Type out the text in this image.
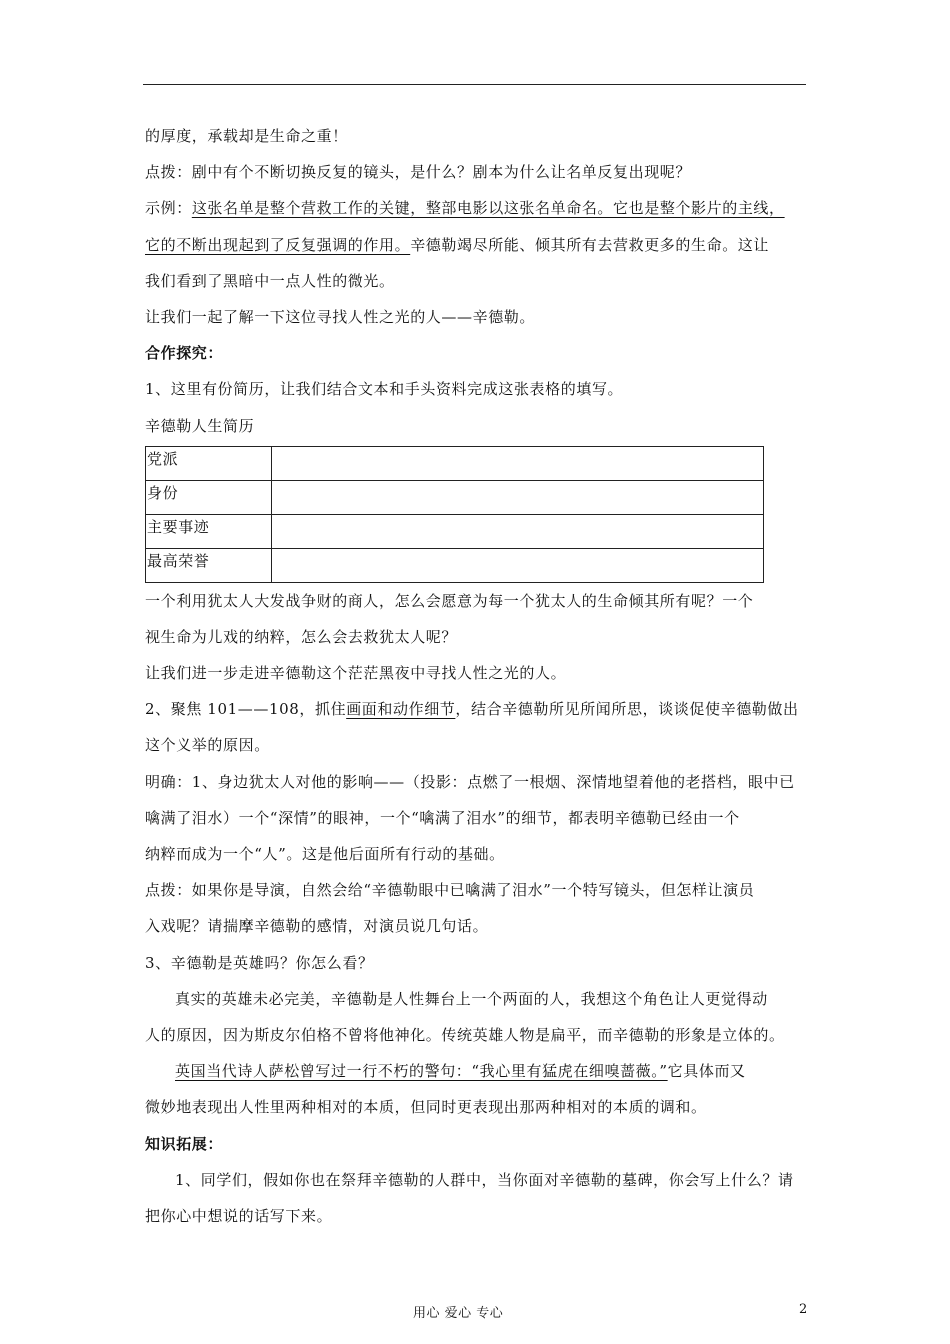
的厚度，承载却是生命之重！
点拨：剧中有个不断切换反复的镜头，是什么？剧本为什么让名单反复出现呢？
示例：这张名单是整个营救工作的关键，整部电影以这张名单命名。它也是整个影片的主线，
它的不断出现起到了反复强调的作用。辛德勒竭尽所能、倾其所有去营救更多的生命。这让
我们看到了黑暗中一点人性的微光。
让我们一起了解一下这位寻找人性之光的人——辛德勒。
合作探究：
1、这里有份简历，让我们结合文本和手头资料完成这张表格的填写。
辛德勒人生简历
党派	
身份	
主要事迹	
最高荣誉	
一个利用犹太人大发战争财的商人，怎么会愿意为每一个犹太人的生命倾其所有呢？一个
视生命为儿戏的纳粹，怎么会去救犹太人呢？
让我们进一步走进辛德勒这个茫茫黑夜中寻找人性之光的人。
2、聚焦 101——108，抓住画面和动作细节，结合辛德勒所见所闻所思，谈谈促使辛德勒做出
这个义举的原因。
明确：1、身边犹太人对他的影响——（投影：点燃了一根烟、深情地望着他的老搭档，眼中已
噙满了泪水）一个“深情”的眼神，一个“噙满了泪水”的细节，都表明辛德勒已经由一个
纳粹而成为一个“人”。这是他后面所有行动的基础。
点拨：如果你是导演，自然会给“辛德勒眼中已噙满了泪水”一个特写镜头，但怎样让演员
入戏呢？请揣摩辛德勒的感情，对演员说几句话。
3、辛德勒是英雄吗？你怎么看？
真实的英雄未必完美，辛德勒是人性舞台上一个两面的人，我想这个角色让人更觉得动
人的原因，因为斯皮尔伯格不曾将他神化。传统英雄人物是扁平，而辛德勒的形象是立体的。
英国当代诗人萨松曾写过一行不朽的警句：“我心里有猛虎在细嗅蔷薇。”它具体而又
微妙地表现出人性里两种相对的本质，但同时更表现出那两种相对的本质的调和。
知识拓展：
1、同学们，假如你也在祭拜辛德勒的人群中，当你面对辛德勒的墓碑，你会写上什么？请
把你心中想说的话写下来。
用心 爱心 专心	2
